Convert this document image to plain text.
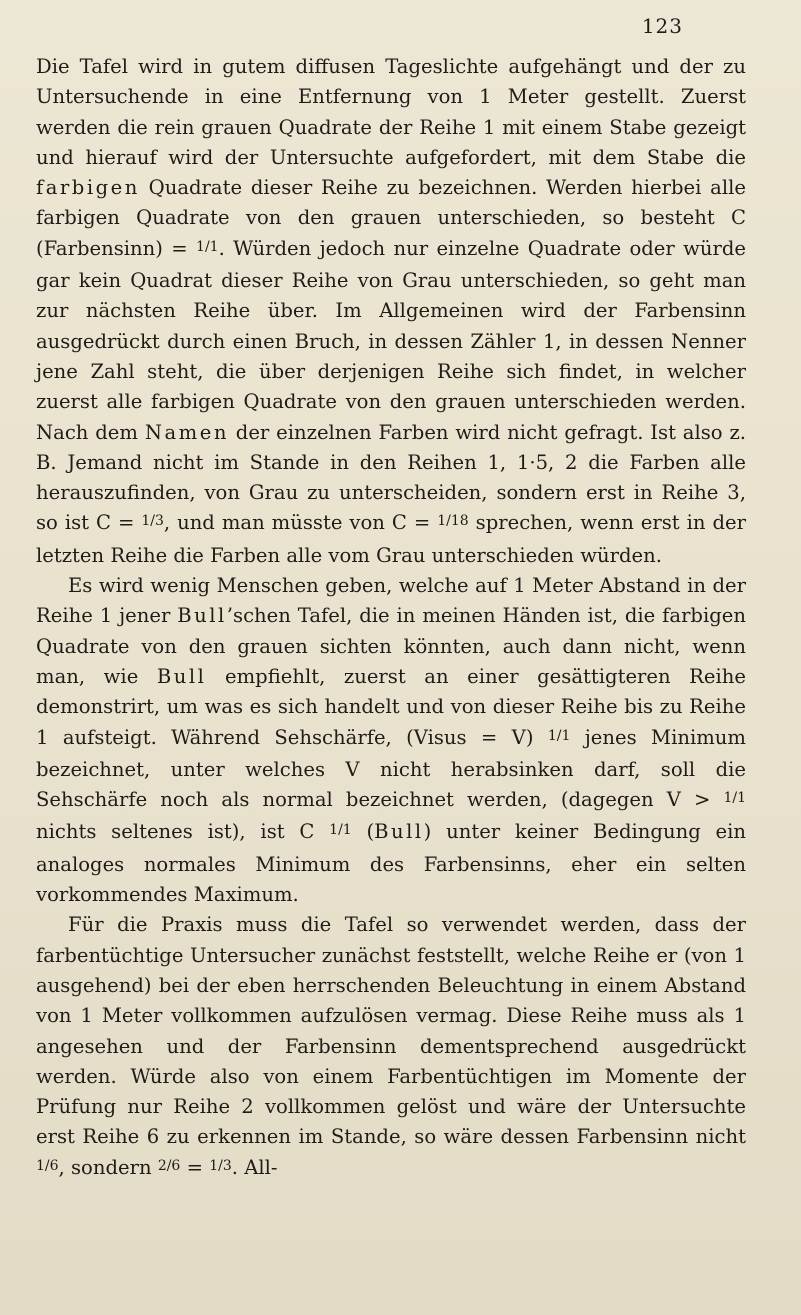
123

Die Tafel wird in gutem diffusen Tageslichte aufgehängt und der zu Untersuchende in eine Entfernung von 1 Meter gestellt. Zuerst werden die rein grauen Quadrate der Reihe 1 mit einem Stabe gezeigt und hierauf wird der Untersuchte aufgefordert, mit dem Stabe die farbigen Quadrate dieser Reihe zu bezeichnen. Werden hierbei alle farbigen Quadrate von den grauen unterschieden, so besteht C (Farbensinn) = $^{1/1}$. Würden jedoch nur einzelne Quadrate oder würde gar kein Quadrat dieser Reihe von Grau unterschieden, so geht man zur nächsten Reihe über. Im Allgemeinen wird der Farbensinn ausgedrückt durch einen Bruch, in dessen Zähler 1, in dessen Nenner jene Zahl steht, die über derjenigen Reihe sich findet, in welcher zuerst alle farbigen Quadrate von den grauen unterschieden werden. Nach dem Namen der einzelnen Farben wird nicht gefragt. Ist also z. B. Jemand nicht im Stande in den Reihen 1, 1·5, 2 die Farben alle herauszufinden, von Grau zu unterscheiden, sondern erst in Reihe 3, so ist C = $^{1/3}$, und man müsste von C = $^{1/18}$ sprechen, wenn erst in der letzten Reihe die Farben alle vom Grau unterschieden würden.

Es wird wenig Menschen geben, welche auf 1 Meter Abstand in der Reihe 1 jener Bull’schen Tafel, die in meinen Händen ist, die farbigen Quadrate von den grauen sichten könnten, auch dann nicht, wenn man, wie Bull empfiehlt, zuerst an einer gesättigteren Reihe demonstrirt, um was es sich handelt und von dieser Reihe bis zu Reihe 1 aufsteigt. Während Sehschärfe, (Visus = V) $^{1/1}$ jenes Minimum bezeichnet, unter welches V nicht herabsinken darf, soll die Sehschärfe noch als normal bezeichnet werden, (dagegen V > $^{1/1}$ nichts seltenes ist), ist C $^{1/1}$ (Bull) unter keiner Bedingung ein analoges normales Minimum des Farbensinns, eher ein selten vorkommendes Maximum.

Für die Praxis muss die Tafel so verwendet werden, dass der farbentüchtige Untersucher zunächst feststellt, welche Reihe er (von 1 ausgehend) bei der eben herrschenden Beleuchtung in einem Abstand von 1 Meter vollkommen aufzulösen vermag. Diese Reihe muss als 1 angesehen und der Farbensinn dementsprechend ausgedrückt werden. Würde also von einem Farbentüchtigen im Momente der Prüfung nur Reihe 2 vollkommen gelöst und wäre der Untersuchte erst Reihe 6 zu erkennen im Stande, so wäre dessen Farbensinn nicht $^{1/6}$, sondern $^{2/6}$ = $^{1/3}$. All-
